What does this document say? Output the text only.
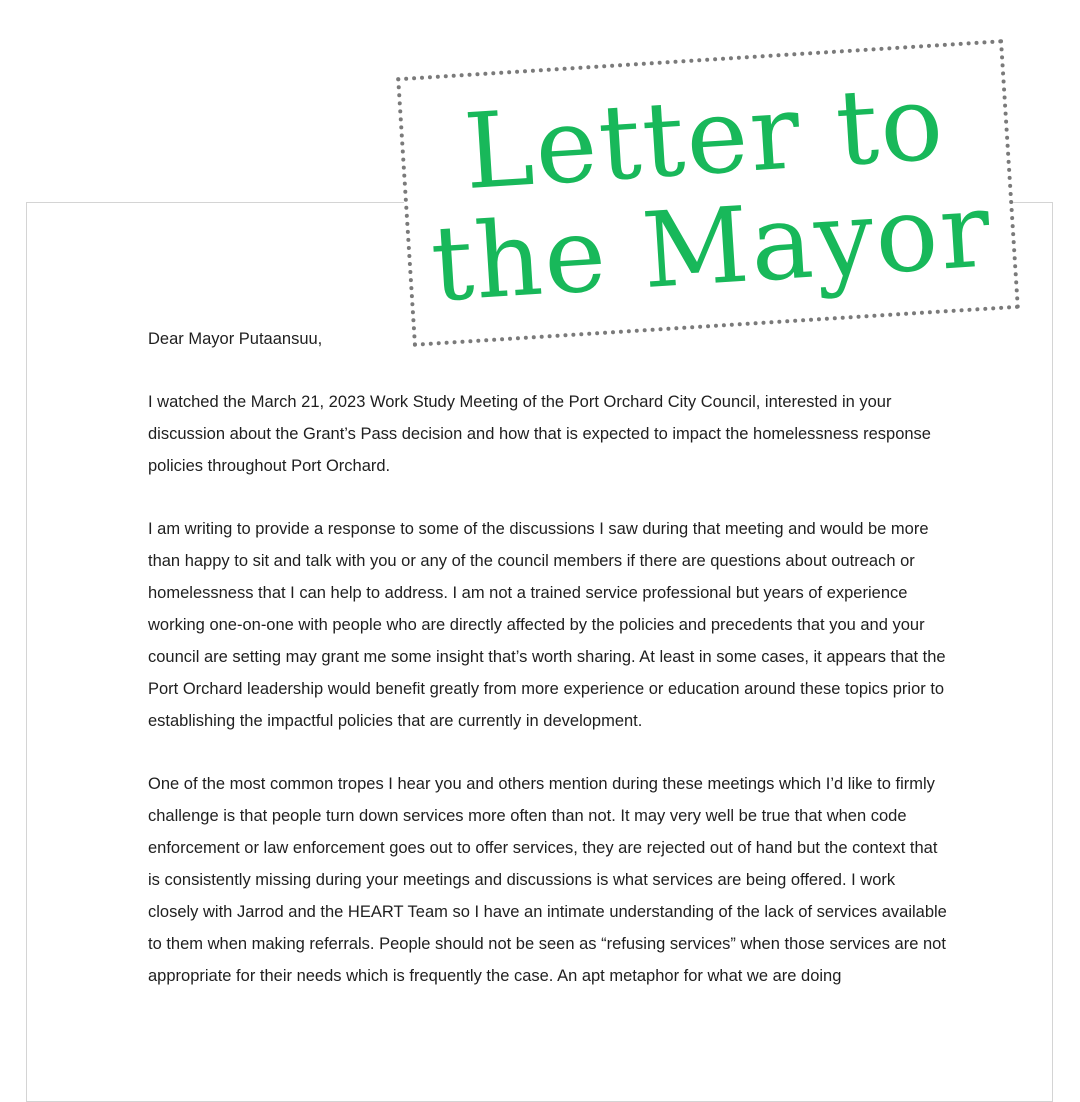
Dear Mayor Putaansuu,

I watched the March 21, 2023 Work Study Meeting of the Port Orchard City Council, interested in your discussion about the Grant’s Pass decision and how that is expected to impact the homelessness response policies throughout Port Orchard.

I am writing to provide a response to some of the discussions I saw during that meeting and would be more than happy to sit and talk with you or any of the council members if there are questions about outreach or homelessness that I can help to address. I am not a trained service professional but years of experience working one-on-one with people who are directly affected by the policies and precedents that you and your council are setting may grant me some insight that’s worth sharing. At least in some cases, it appears that the Port Orchard leadership would benefit greatly from more experience or education around these topics prior to establishing the impactful policies that are currently in development.

One of the most common tropes I hear you and others mention during these meetings which I’d like to firmly challenge is that people turn down services more often than not. It may very well be true that when code enforcement or law enforcement goes out to offer services, they are rejected out of hand but the context that is consistently missing during your meetings and discussions is what services are being offered. I work closely with Jarrod and the HEART Team so I have an intimate understanding of the lack of services available to them when making referrals. People should not be seen as “refusing services” when those services are not appropriate for their needs which is frequently the case. An apt metaphor for what we are doing

Letter to
the Mayor
